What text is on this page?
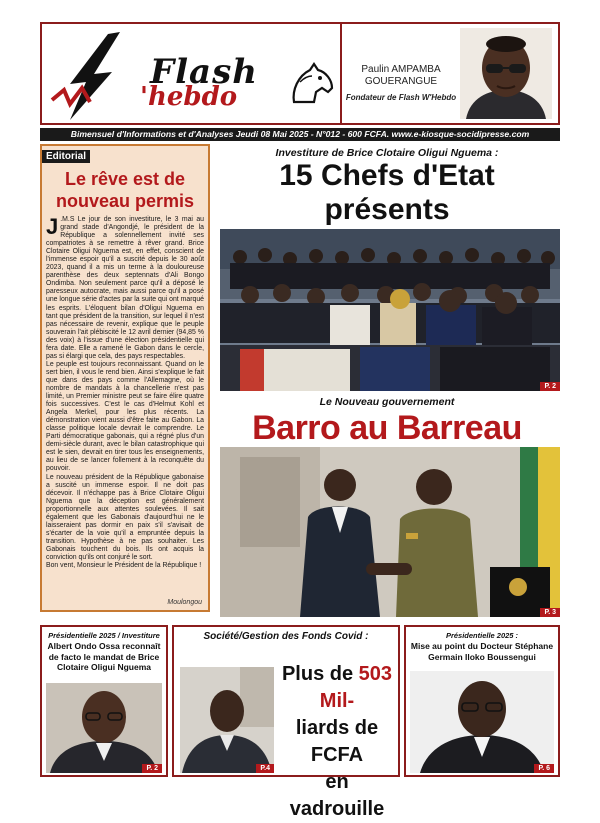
Flash
'hebdo
Paulin AMPAMBA
GOUERANGUE
Fondateur de Flash W'Hebdo
Bimensuel d'Informations et d'Analyses Jeudi 08 Mai 2025 - N°012 - 600 FCFA. www.e-kiosque-socidipresse.com
Editorial
Le rêve est de nouveau permis

J .M.S Le jour de son investiture, le 3 mai au grand stade d'Angondjé, le président de la République a solennellement invité ses compatriotes à se remettre à rêver grand. Brice Clotaire Oligui Nguema est, en effet, conscient de l'immense espoir qu'il a suscité depuis le 30 août 2023, quand il a mis un terme à la douloureuse parenthèse des deux septennats d'Ali Bongo Ondimba. Non seulement parce qu'il a déposé le paresseux autocrate, mais aussi parce qu'il a posé une longue série d'actes par la suite qui ont marqué les esprits. L'éloquent bilan d'Oligui Nguema en tant que président de la transition, sur lequel il n'est pas nécessaire de revenir, explique que le peuple souverain l'ait plébiscité le 12 avril dernier (94,85 % des voix) à l'issue d'une élection présidentielle qui fera date. Elle a ramené le Gabon dans le cercle, pas si élargi que cela, des pays respectables.

Le peuple est toujours reconnaissant. Quand on le sert bien, il vous le rend bien. Ainsi s'explique le fait que dans des pays comme l'Allemagne, où le nombre de mandats à la chancellerie n'est pas limité, un Premier ministre peut se faire élire quatre fois successives. C'est le cas d'Helmut Kohl et Angela Merkel, pour les plus récents. La démonstration vient aussi d'être faite au Gabon. La classe politique locale devrait le comprendre. Le Parti démocratique gabonais, qui a régné plus d'un demi-siècle durant, avec le bilan catastrophique qui est le sien, devrait en tirer tous les enseignements, au lieu de se lancer follement à la reconquête du pouvoir.

Le nouveau président de la République gabonaise a suscité un immense espoir. Il ne doit pas décevoir. Il n'échappe pas à Brice Clotaire Oligui Nguema que la déception est généralement proportionnelle aux attentes soulevées. Il sait également que les Gabonais d'aujourd'hui ne le laisseraient pas dormir en paix s'il s'avisait de s'écarter de la voie qu'il a empruntée depuis la transition. Hypothèse à ne pas souhaiter. Les Gabonais touchent du bois. Ils ont acquis la conviction qu'ils ont conjuré le sort.

Bon vent, Monsieur le Président de la République !

Moulongou
Investiture de Brice Clotaire Oligui Nguema :
15 Chefs d'Etat présents
P. 2
Le Nouveau gouvernement
Barro au Barreau
P. 3
Présidentielle 2025 / Investiture
Albert Ondo Ossa reconnaît de facto le mandat de Brice Clotaire Oligui Nguema
P. 2
Société/Gestion des Fonds Covid :
P.4
Plus de 503 Mil-
liards de FCFA
en vadrouille
Présidentielle 2025 :
Mise au point du Docteur Stéphane Germain Iloko Boussengui
P. 6
